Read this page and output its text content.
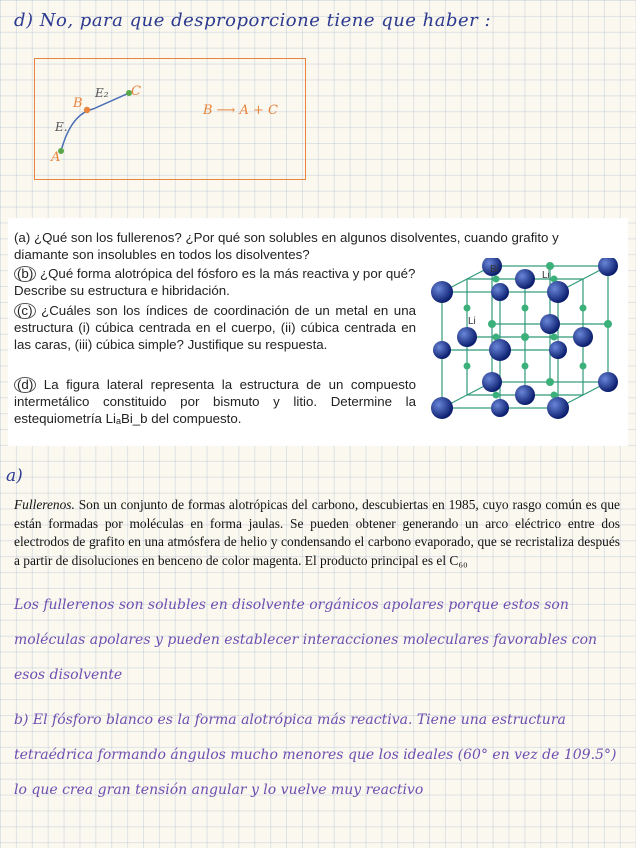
d) No, para que desproporcione tiene que haber :
A
B
C
E.
E₂
B ⟶ A + C
(a) ¿Qué son los fullerenos? ¿Por qué son solubles en algunos disolventes, cuando grafito y diamante son insolubles en todos los disolventes?
(b) ¿Qué forma alotrópica del fósforo es la más reactiva y por qué? Describe su estructura e hibridación.
(c) ¿Cuáles son los índices de coordinación de un metal en una estructura (i) cúbica centrada en el cuerpo, (ii) cúbica centrada en las caras, (iii) cúbica simple? Justifique su respuesta.
(d) La figura lateral representa la estructura de un compuesto intermetálico constituido por bismuto y litio. Determine la estequiometría LiₐBi_b del compuesto.
Bi
Li
Li
a)
Fullerenos. Son un conjunto de formas alotrópicas del carbono, descubiertas en 1985, cuyo rasgo común es que están formadas por moléculas en forma jaulas. Se pueden obtener generando un arco eléctrico entre dos electrodos de grafito en una atmósfera de helio y condensando el carbono evaporado, que se recristaliza después a partir de disoluciones en benceno de color magenta. El producto principal es el C₆₀
Los fullerenos son solubles en disolvente orgánicos apolares porque estos son
moléculas apolares y pueden establecer interacciones moleculares favorables con
esos disolvente
b) El fósforo blanco es la forma alotrópica más reactiva. Tiene una estructura
tetraédrica formando ángulos mucho menores que los ideales (60° en vez de 109.5°)
lo que crea gran tensión angular y lo vuelve muy reactivo
